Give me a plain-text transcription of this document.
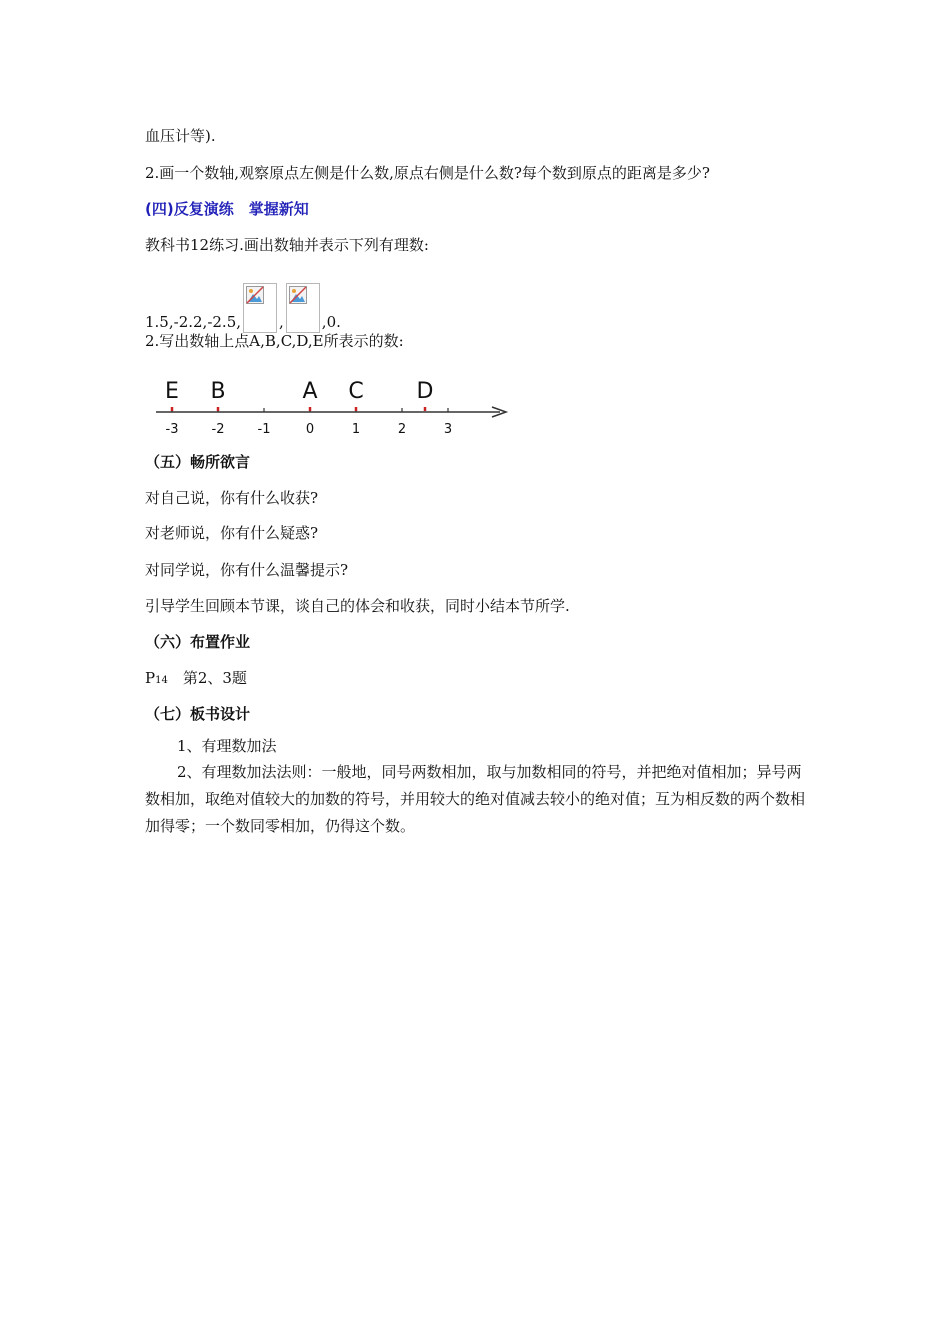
血压计等).
2.画一个数轴,观察原点左侧是什么数,原点右侧是什么数?每个数到原点的距离是多少?
(四)反复演练　掌握新知
教科书12练习.画出数轴并表示下列有理数:
1.5,-2.2,-2.5,	,	,0.
2.写出数轴上点A,B,C,D,E所表示的数:
-3	-2	-1	0	1	2	3
E B	A C D
（五）畅所欲言
对自己说，你有什么收获?
对老师说，你有什么疑惑?
对同学说，你有什么温馨提示?
引导学生回顾本节课，谈自己的体会和收获，同时小结本节所学.
（六）布置作业
P14　第2、3题
（七）板书设计
1、有理数加法
2、有理数加法法则：一般地，同号两数相加，取与加数相同的符号，并把绝对值相加；异号两数相加，取绝对值较大的加数的符号，并用较大的绝对值减去较小的绝对值；互为相反数的两个数相加得零；一个数同零相加，仍得这个数。
